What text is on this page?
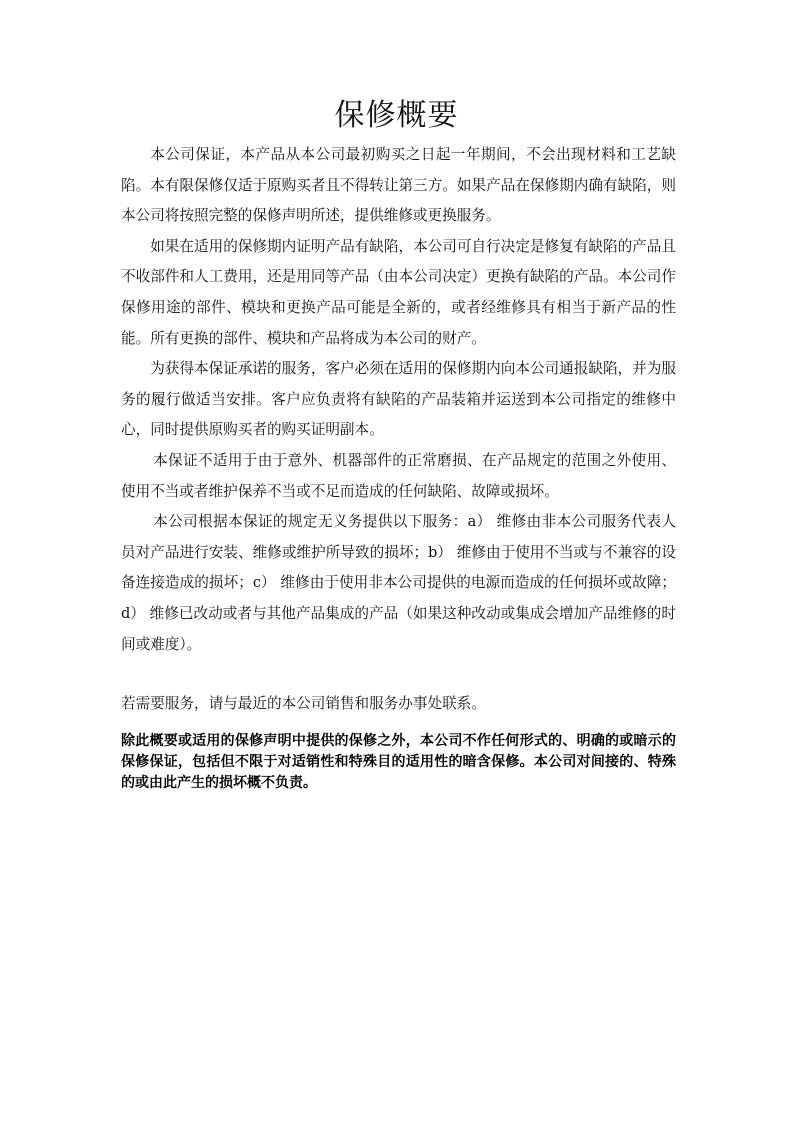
保修概要

本公司保证，本产品从本公司最初购买之日起一年期间，不会出现材料和工艺缺陷。本有限保修仅适于原购买者且不得转让第三方。如果产品在保修期内确有缺陷，则本公司将按照完整的保修声明所述，提供维修或更换服务。

如果在适用的保修期内证明产品有缺陷，本公司可自行决定是修复有缺陷的产品且不收部件和人工费用，还是用同等产品（由本公司决定）更换有缺陷的产品。本公司作保修用途的部件、模块和更换产品可能是全新的，或者经维修具有相当于新产品的性能。所有更换的部件、模块和产品将成为本公司的财产。

为获得本保证承诺的服务，客户必须在适用的保修期内向本公司通报缺陷，并为服务的履行做适当安排。客户应负责将有缺陷的产品装箱并运送到本公司指定的维修中心，同时提供原购买者的购买证明副本。

本保证不适用于由于意外、机器部件的正常磨损、在产品规定的范围之外使用、使用不当或者维护保养不当或不足而造成的任何缺陷、故障或损坏。

本公司根据本保证的规定无义务提供以下服务：a） 维修由非本公司服务代表人员对产品进行安装、维修或维护所导致的损坏；b） 维修由于使用不当或与不兼容的设备连接造成的损坏；c） 维修由于使用非本公司提供的电源而造成的任何损坏或故障；d） 维修已改动或者与其他产品集成的产品（如果这种改动或集成会增加产品维修的时间或难度）。

若需要服务，请与最近的本公司销售和服务办事处联系。

除此概要或适用的保修声明中提供的保修之外，本公司不作任何形式的、明确的或暗示的保修保证，包括但不限于对适销性和特殊目的适用性的暗含保修。本公司对间接的、特殊的或由此产生的损坏概不负责。
